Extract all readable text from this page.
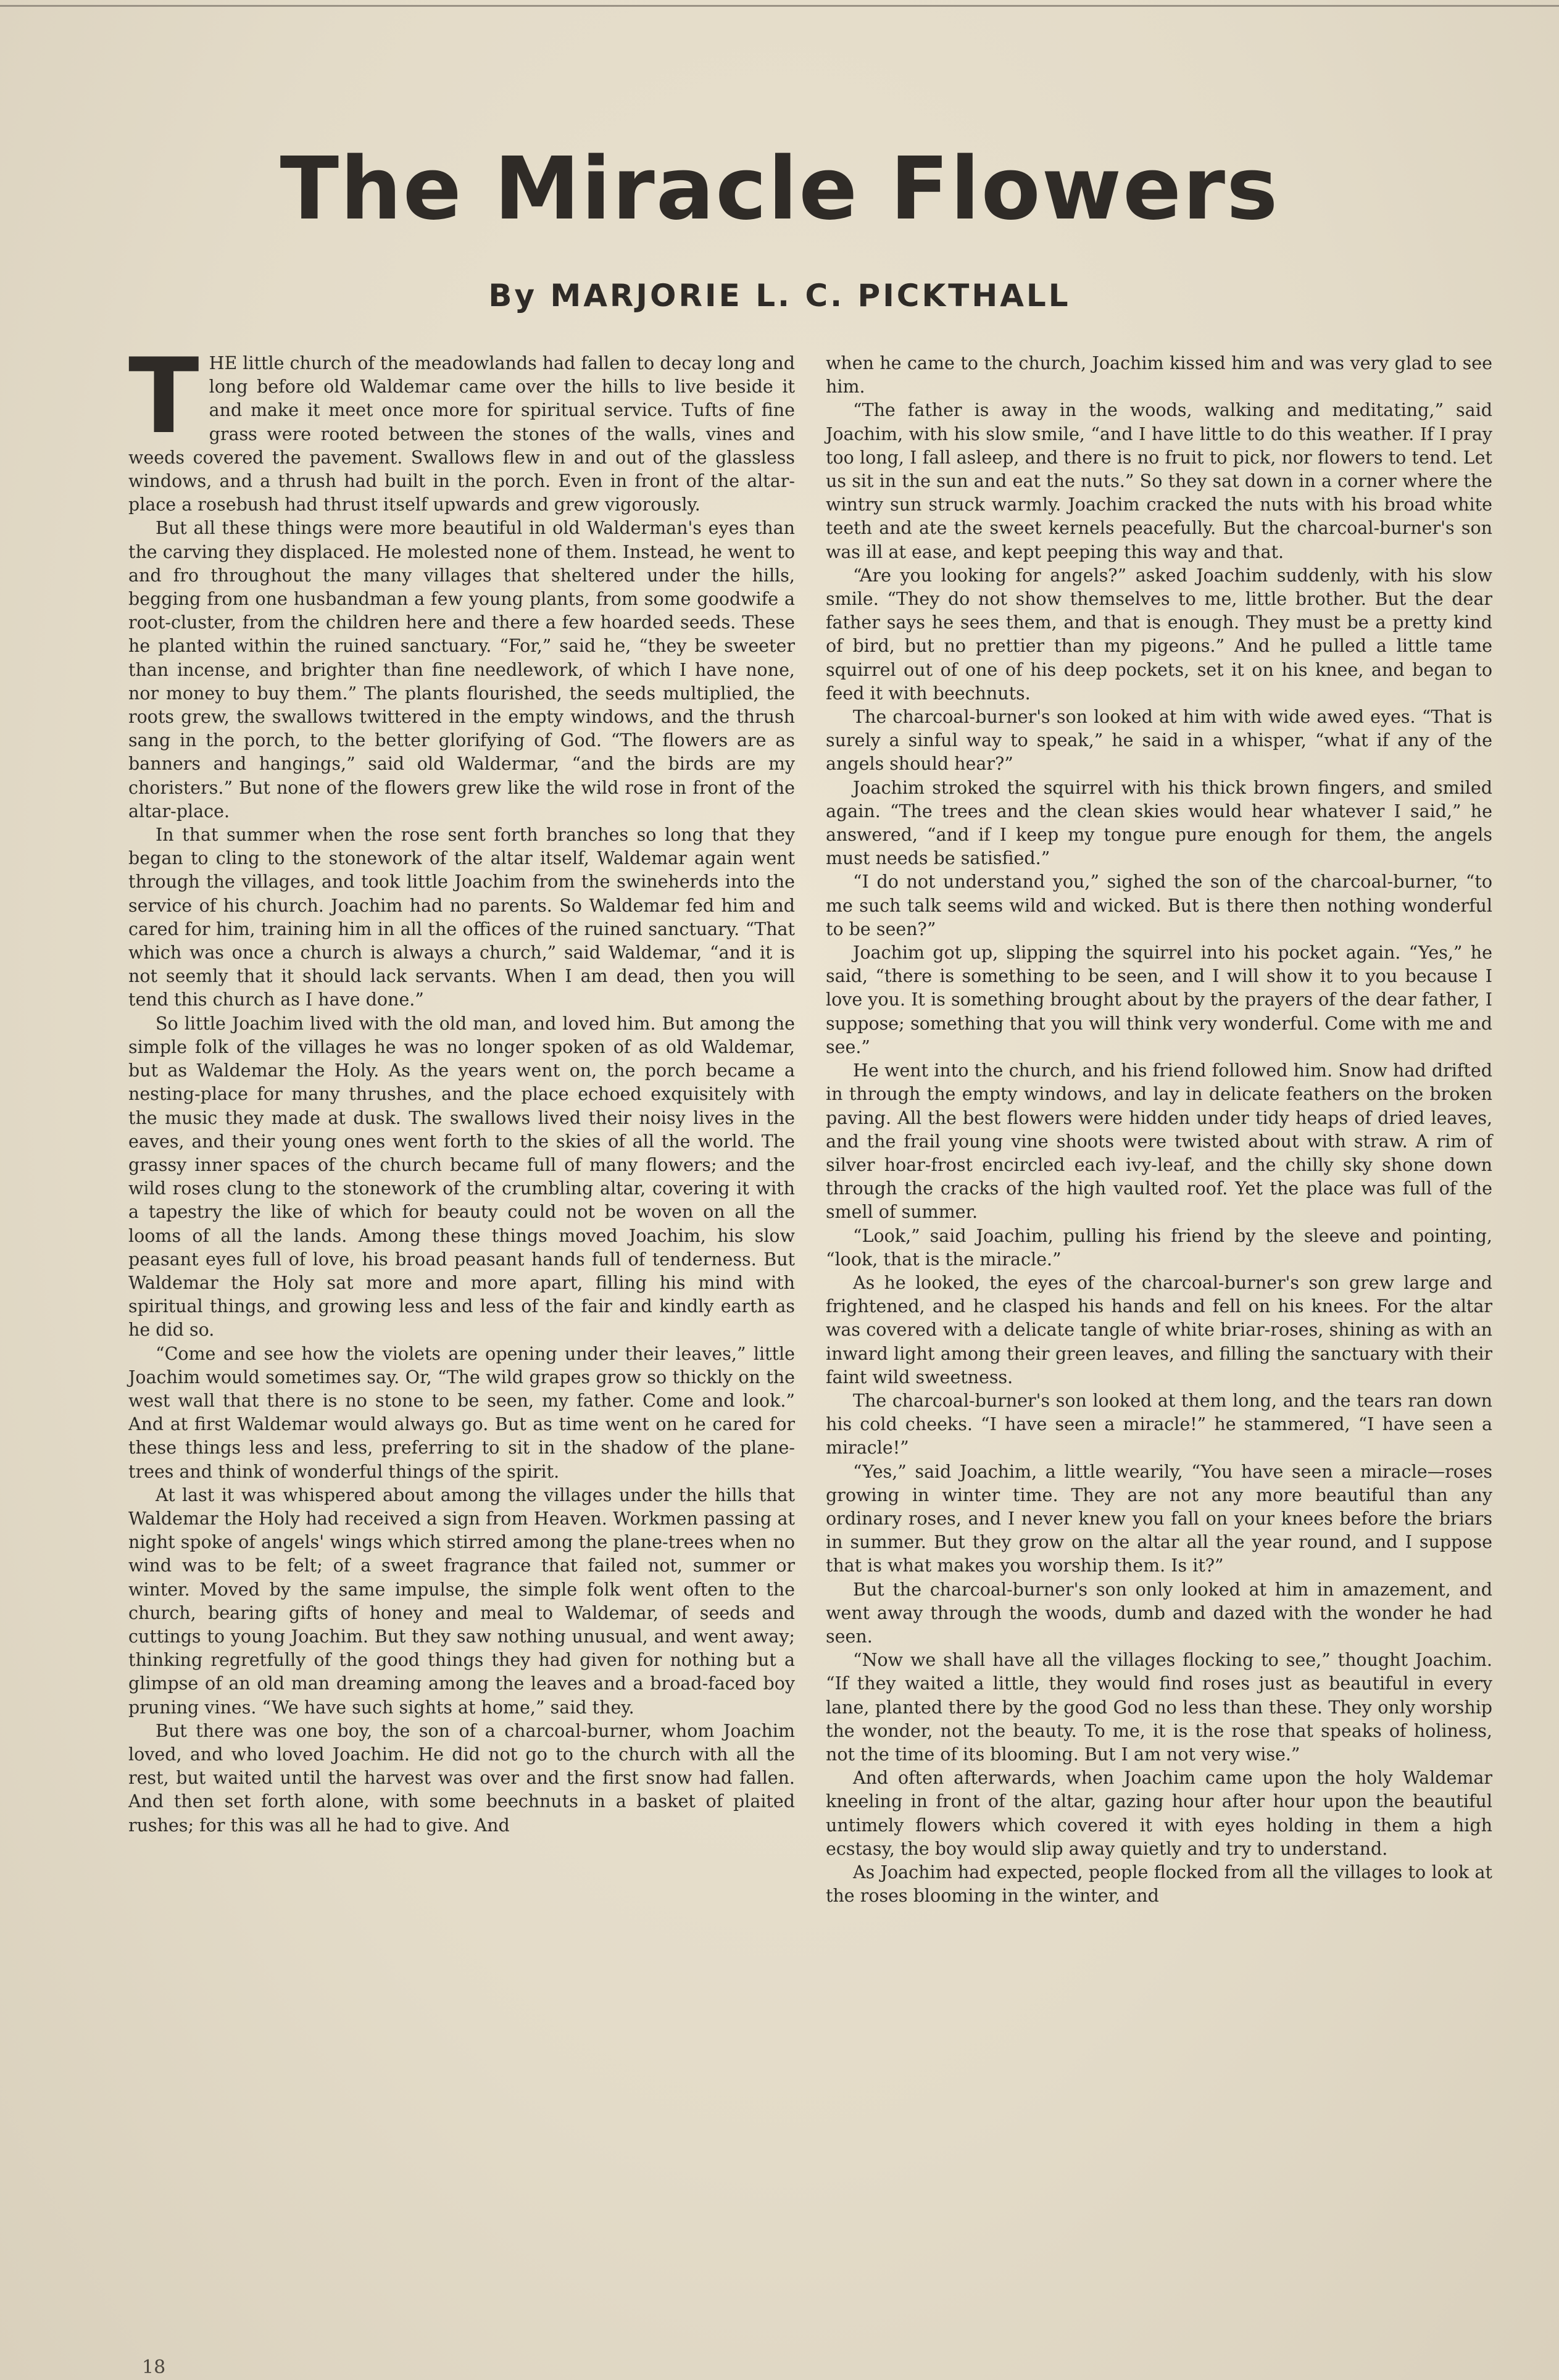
The Miracle Flowers
By MARJORIE L. C. PICKTHALL

THE little church of the meadowlands had fallen to decay long and long before old Waldemar came over the hills to live beside it and make it meet once more for spiritual service. Tufts of fine grass were rooted between the stones of the walls, vines and weeds covered the pavement. Swallows flew in and out of the glassless windows, and a thrush had built in the porch. Even in front of the altar-place a rosebush had thrust itself upwards and grew vigorously.

But all these things were more beautiful in old Walderman's eyes than the carving they displaced. He molested none of them. Instead, he went to and fro throughout the many villages that sheltered under the hills, begging from one husbandman a few young plants, from some goodwife a root-cluster, from the children here and there a few hoarded seeds. These he planted within the ruined sanctuary. “For,” said he, “they be sweeter than incense, and brighter than fine needlework, of which I have none, nor money to buy them.” The plants flourished, the seeds multiplied, the roots grew, the swallows twittered in the empty windows, and the thrush sang in the porch, to the better glorifying of God. “The flowers are as banners and hangings,” said old Waldermar, “and the birds are my choristers.” But none of the flowers grew like the wild rose in front of the altar-place.

In that summer when the rose sent forth branches so long that they began to cling to the stonework of the altar itself, Waldemar again went through the villages, and took little Joachim from the swineherds into the service of his church. Joachim had no parents. So Waldemar fed him and cared for him, training him in all the offices of the ruined sanctuary. “That which was once a church is always a church,” said Waldemar, “and it is not seemly that it should lack servants. When I am dead, then you will tend this church as I have done.”

So little Joachim lived with the old man, and loved him. But among the simple folk of the villages he was no longer spoken of as old Waldemar, but as Waldemar the Holy. As the years went on, the porch became a nesting-place for many thrushes, and the place echoed exquisitely with the music they made at dusk. The swallows lived their noisy lives in the eaves, and their young ones went forth to the skies of all the world. The grassy inner spaces of the church became full of many flowers; and the wild roses clung to the stonework of the crumbling altar, covering it with a tapestry the like of which for beauty could not be woven on all the looms of all the lands. Among these things moved Joachim, his slow peasant eyes full of love, his broad peasant hands full of tenderness. But Waldemar the Holy sat more and more apart, filling his mind with spiritual things, and growing less and less of the fair and kindly earth as he did so.

“Come and see how the violets are opening under their leaves,” little Joachim would sometimes say. Or, “The wild grapes grow so thickly on the west wall that there is no stone to be seen, my father. Come and look.” And at first Waldemar would always go. But as time went on he cared for these things less and less, preferring to sit in the shadow of the plane-trees and think of wonderful things of the spirit.

At last it was whispered about among the villages under the hills that Waldemar the Holy had received a sign from Heaven. Workmen passing at night spoke of angels' wings which stirred among the plane-trees when no wind was to be felt; of a sweet fragrance that failed not, summer or winter. Moved by the same impulse, the simple folk went often to the church, bearing gifts of honey and meal to Waldemar, of seeds and cuttings to young Joachim. But they saw nothing unusual, and went away; thinking regretfully of the good things they had given for nothing but a glimpse of an old man dreaming among the leaves and a broad-faced boy pruning vines. “We have such sights at home,” said they.

But there was one boy, the son of a charcoal-burner, whom Joachim loved, and who loved Joachim. He did not go to the church with all the rest, but waited until the harvest was over and the first snow had fallen. And then set forth alone, with some beechnuts in a basket of plaited rushes; for this was all he had to give. And

when he came to the church, Joachim kissed him and was very glad to see him.

“The father is away in the woods, walking and meditating,” said Joachim, with his slow smile, “and I have little to do this weather. If I pray too long, I fall asleep, and there is no fruit to pick, nor flowers to tend. Let us sit in the sun and eat the nuts.” So they sat down in a corner where the wintry sun struck warmly. Joachim cracked the nuts with his broad white teeth and ate the sweet kernels peacefully. But the charcoal-burner's son was ill at ease, and kept peeping this way and that.

“Are you looking for angels?” asked Joachim suddenly, with his slow smile. “They do not show themselves to me, little brother. But the dear father says he sees them, and that is enough. They must be a pretty kind of bird, but no prettier than my pigeons.” And he pulled a little tame squirrel out of one of his deep pockets, set it on his knee, and began to feed it with beechnuts.

The charcoal-burner's son looked at him with wide awed eyes. “That is surely a sinful way to speak,” he said in a whisper, “what if any of the angels should hear?”

Joachim stroked the squirrel with his thick brown fingers, and smiled again. “The trees and the clean skies would hear whatever I said,” he answered, “and if I keep my tongue pure enough for them, the angels must needs be satisfied.”

“I do not understand you,” sighed the son of the charcoal-burner, “to me such talk seems wild and wicked. But is there then nothing wonderful to be seen?”

Joachim got up, slipping the squirrel into his pocket again. “Yes,” he said, “there is something to be seen, and I will show it to you because I love you. It is something brought about by the prayers of the dear father, I suppose; something that you will think very wonderful. Come with me and see.”

He went into the church, and his friend followed him. Snow had drifted in through the empty windows, and lay in delicate feathers on the broken paving. All the best flowers were hidden under tidy heaps of dried leaves, and the frail young vine shoots were twisted about with straw. A rim of silver hoar-frost encircled each ivy-leaf, and the chilly sky shone down through the cracks of the high vaulted roof. Yet the place was full of the smell of summer.

“Look,” said Joachim, pulling his friend by the sleeve and pointing, “look, that is the miracle.”

As he looked, the eyes of the charcoal-burner's son grew large and frightened, and he clasped his hands and fell on his knees. For the altar was covered with a delicate tangle of white briar-roses, shining as with an inward light among their green leaves, and filling the sanctuary with their faint wild sweetness.

The charcoal-burner's son looked at them long, and the tears ran down his cold cheeks. “I have seen a miracle!” he stammered, “I have seen a miracle!”

“Yes,” said Joachim, a little wearily, “You have seen a miracle—roses growing in winter time. They are not any more beautiful than any ordinary roses, and I never knew you fall on your knees before the briars in summer. But they grow on the altar all the year round, and I suppose that is what makes you worship them. Is it?”

But the charcoal-burner's son only looked at him in amazement, and went away through the woods, dumb and dazed with the wonder he had seen.

“Now we shall have all the villages flocking to see,” thought Joachim. “If they waited a little, they would find roses just as beautiful in every lane, planted there by the good God no less than these. They only worship the wonder, not the beauty. To me, it is the rose that speaks of holiness, not the time of its blooming. But I am not very wise.”

And often afterwards, when Joachim came upon the holy Waldemar kneeling in front of the altar, gazing hour after hour upon the beautiful untimely flowers which covered it with eyes holding in them a high ecstasy, the boy would slip away quietly and try to understand.

As Joachim had expected, people flocked from all the villages to look at the roses blooming in the winter, and

18
